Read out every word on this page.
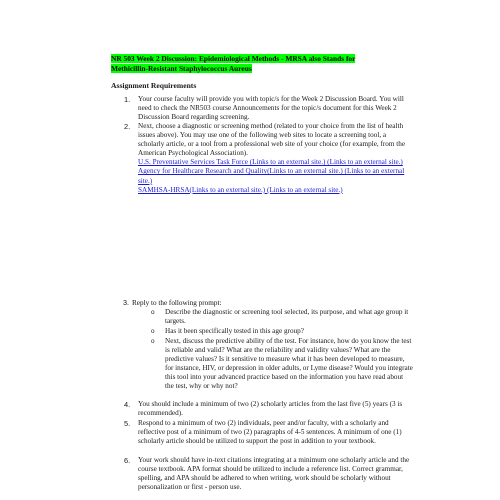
NR 503 Week 2 Discussion: Epidemiological Methods - MRSA also Stands for
Methicillin-Resistant Staphylococcus Aureus
Assignment Requirements
1. Your course faculty will provide you with topic/s for the Week 2 Discussion Board. You will need to check the NR503 course Announcements for the topic/s document for this Week 2 Discussion Board regarding screening.
2. Next, choose a diagnostic or screening method (related to your choice from the list of health issues above). You may use one of the following web sites to locate a screening tool, a scholarly article, or a tool from a professional web site of your choice (for example, from the American Psychological Association).
U.S. Preventative Services Task Force (Links to an external site.) (Links to an external site.)
Agency for Healthcare Research and Quality(Links to an external site.) (Links to an external site.)
SAMHSA-HRSA(Links to an external site.) (Links to an external site.)
3. Reply to the following prompt:
o Describe the diagnostic or screening tool selected, its purpose, and what age group it targets.
o Has it been specifically tested in this age group?
o Next, discuss the predictive ability of the test. For instance, how do you know the test is reliable and valid? What are the reliability and validity values? What are the predictive values? Is it sensitive to measure what it has been developed to measure, for instance, HIV, or depression in older adults, or Lyme disease? Would you integrate this tool into your advanced practice based on the information you have read about the test, why or why not?
4. You should include a minimum of two (2) scholarly articles from the last five (5) years (3 is recommended).
5. Respond to a minimum of two (2) individuals, peer and/or faculty, with a scholarly and reflective post of a minimum of two (2) paragraphs of 4-5 sentences. A minimum of one (1) scholarly article should be utilized to support the post in addition to your textbook.
6. Your work should have in-text citations integrating at a minimum one scholarly article and the course textbook. APA format should be utilized to include a reference list. Correct grammar, spelling, and APA should be adhered to when writing, work should be scholarly without personalization or first - person use.
